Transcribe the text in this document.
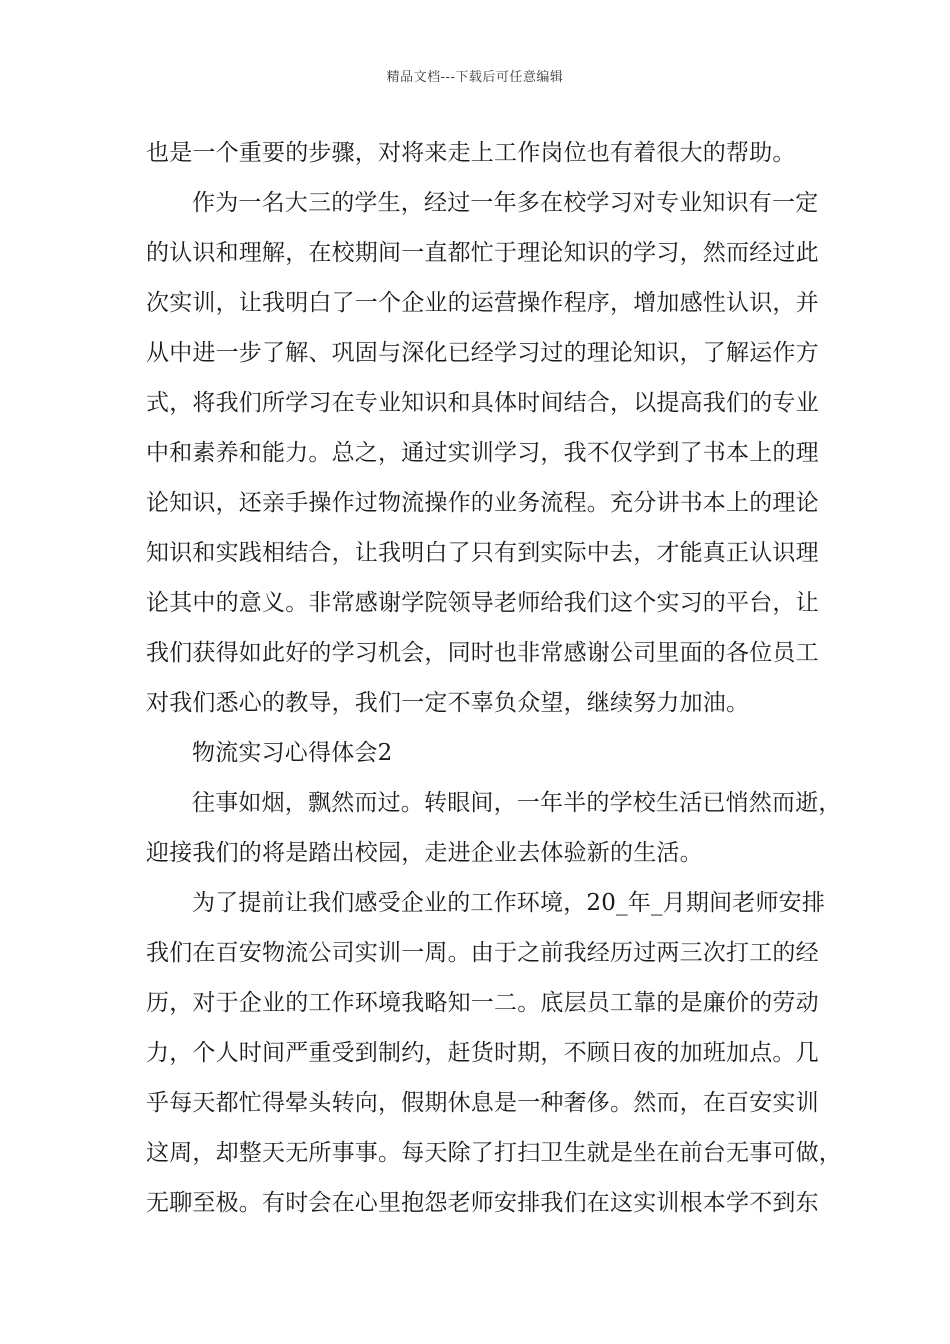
精品文档---下载后可任意编辑
也是一个重要的步骤，对将来走上工作岗位也有着很大的帮助。
作为一名大三的学生，经过一年多在校学习对专业知识有一定
的认识和理解，在校期间一直都忙于理论知识的学习，然而经过此
次实训，让我明白了一个企业的运营操作程序，增加感性认识，并
从中进一步了解、巩固与深化已经学习过的理论知识，了解运作方
式，将我们所学习在专业知识和具体时间结合，以提高我们的专业
中和素养和能力。总之，通过实训学习，我不仅学到了书本上的理
论知识，还亲手操作过物流操作的业务流程。充分讲书本上的理论
知识和实践相结合，让我明白了只有到实际中去，才能真正认识理
论其中的意义。非常感谢学院领导老师给我们这个实习的平台，让
我们获得如此好的学习机会，同时也非常感谢公司里面的各位员工
对我们悉心的教导，我们一定不辜负众望，继续努力加油。
物流实习心得体会2
往事如烟，飘然而过。转眼间，一年半的学校生活已悄然而逝，
迎接我们的将是踏出校园，走进企业去体验新的生活。
为了提前让我们感受企业的工作环境，20_年_月期间老师安排
我们在百安物流公司实训一周。由于之前我经历过两三次打工的经
历，对于企业的工作环境我略知一二。底层员工靠的是廉价的劳动
力，个人时间严重受到制约，赶货时期，不顾日夜的加班加点。几
乎每天都忙得晕头转向，假期休息是一种奢侈。然而，在百安实训
这周，却整天无所事事。每天除了打扫卫生就是坐在前台无事可做，
无聊至极。有时会在心里抱怨老师安排我们在这实训根本学不到东
